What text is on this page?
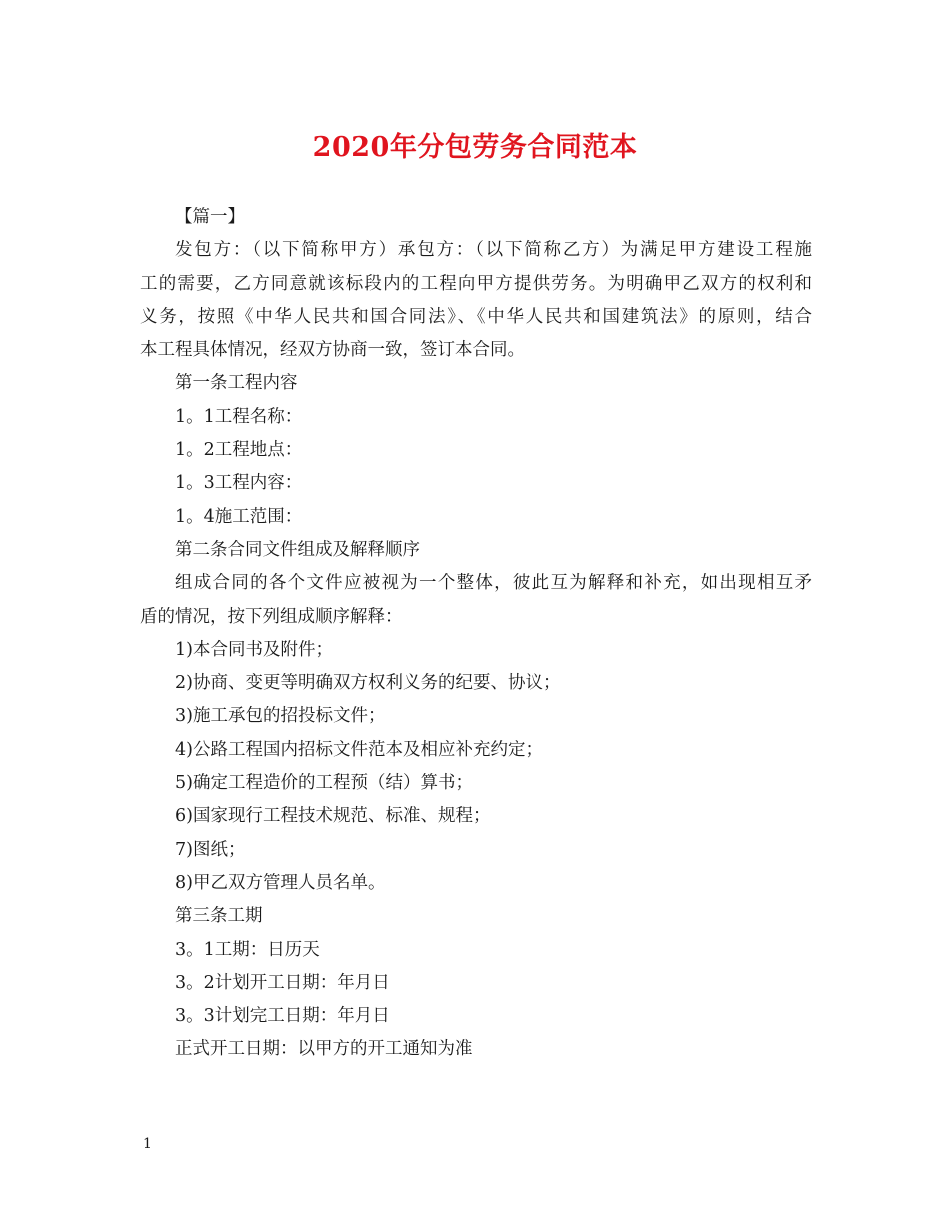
2020年分包劳务合同范本
【篇一】
发包方：（以下简称甲方）承包方：（以下简称乙方）为满足甲方建设工程施
工的需要，乙方同意就该标段内的工程向甲方提供劳务。为明确甲乙双方的权利和
义务，按照《中华人民共和国合同法》、《中华人民共和国建筑法》的原则，结合
本工程具体情况，经双方协商一致，签订本合同。
第一条工程内容
1。1工程名称：
1。2工程地点：
1。3工程内容：
1。4施工范围：
第二条合同文件组成及解释顺序
组成合同的各个文件应被视为一个整体，彼此互为解释和补充，如出现相互矛
盾的情况，按下列组成顺序解释：
1)本合同书及附件；
2)协商、变更等明确双方权利义务的纪要、协议；
3)施工承包的招投标文件；
4)公路工程国内招标文件范本及相应补充约定；
5)确定工程造价的工程预（结）算书；
6)国家现行工程技术规范、标准、规程；
7)图纸；
8)甲乙双方管理人员名单。
第三条工期
3。1工期：日历天
3。2计划开工日期：年月日
3。3计划完工日期：年月日
正式开工日期：以甲方的开工通知为准
1
